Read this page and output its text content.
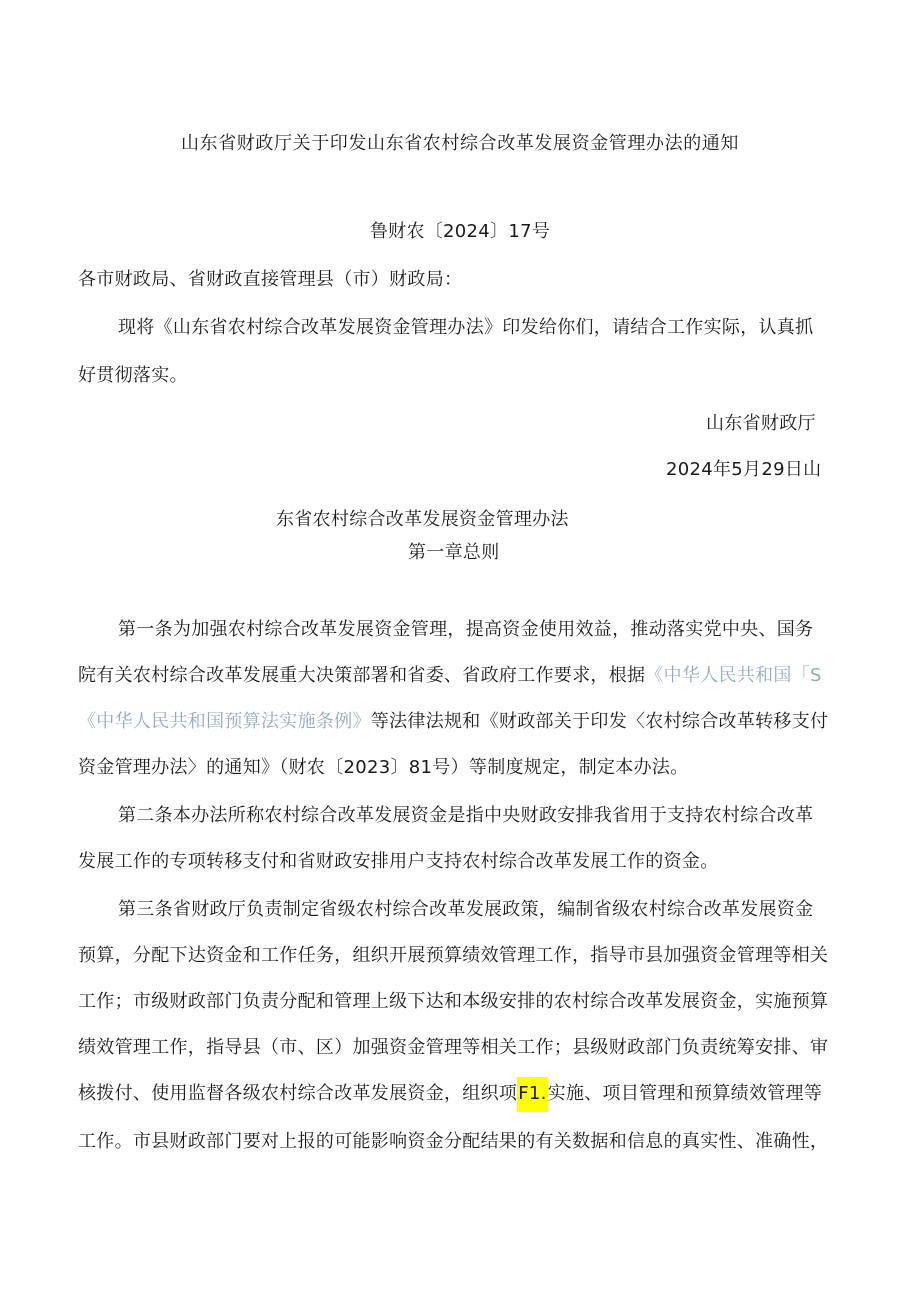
山东省财政厅关于印发山东省农村综合改革发展资金管理办法的通知
鲁财农〔2024〕17号
各市财政局、省财政直接管理县（市）财政局：
现将《山东省农村综合改革发展资金管理办法》印发给你们，请结合工作实际，认真抓
好贯彻落实。
山东省财政厅
2024年5月29日山
东省农村综合改革发展资金管理办法
第一章总则
第一条为加强农村综合改革发展资金管理，提高资金使用效益，推动落实党中央、国务
院有关农村综合改革发展重大决策部署和省委、省政府工作要求，根据《中华人民共和国「S
《中华人民共和国预算法实施条例》等法律法规和《财政部关于印发〈农村综合改革转移支付
资金管理办法〉的通知》（财农〔2023〕81号）等制度规定，制定本办法。
第二条本办法所称农村综合改革发展资金是指中央财政安排我省用于支持农村综合改革
发展工作的专项转移支付和省财政安排用户支持农村综合改革发展工作的资金。
第三条省财政厅负责制定省级农村综合改革发展政策，编制省级农村综合改革发展资金
预算，分配下达资金和工作任务，组织开展预算绩效管理工作，指导市县加强资金管理等相关
工作；市级财政部门负责分配和管理上级下达和本级安排的农村综合改革发展资金，实施预算
绩效管理工作，指导县（市、区）加强资金管理等相关工作；县级财政部门负责统筹安排、审
核拨付、使用监督各级农村综合改革发展资金，组织项F1.实施、项目管理和预算绩效管理等
工作。市县财政部门要对上报的可能影响资金分配结果的有关数据和信息的真实性、准确性，
